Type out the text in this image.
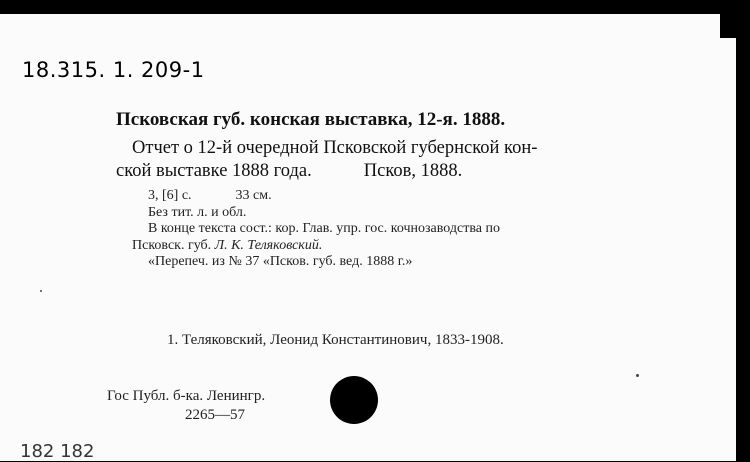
18.315. 1. 209-1
Псковская губ. конская выставка, 12-я. 1888.
Отчет о 12-й очередной Псковской губернской кон-
ской выставке 1888 года.	Псков, 1888.
3, [6] с.	33 см.
Без тит. л. и обл.
В конце текста сост.: кор. Глав. упр. гос. кочнозаводства по
Псковск. губ. Л. К. Теляковский.
«Перепеч. из № 37 «Псков. губ. вед. 1888 г.»
1. Теляковский, Леонид Константинович, 1833-1908.
Гос Публ. б-ка. Ленингр.
2265—57
182 182
